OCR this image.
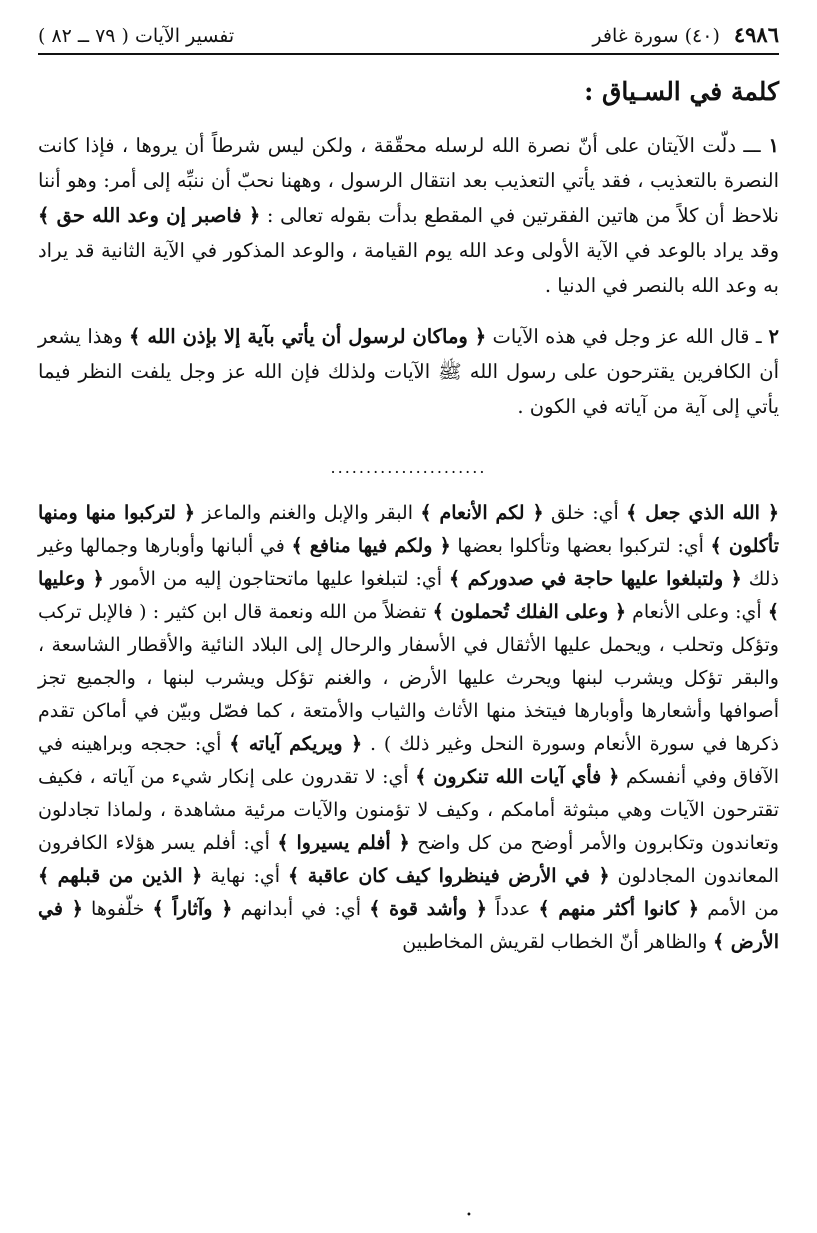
٤٩٨٦
(٤٠) سورة غافر
تفسير الآيات ( ٧٩ ــ ٨٢ )
كلمة في السـياق :

١ ـــ دلّت الآيتان على أنّ نصرة الله لرسله محقّقة ، ولكن ليس شرطاً أن يروها ، فإذا كانت النصرة بالتعذيب ، فقد يأتي التعذيب بعد انتقال الرسول ، وههنا نحبّ أن ننبِّه إلى أمر: وهو أننا نلاحظ أن كلاً من هاتين الفقرتين في المقطع بدأت بقوله تعالى : ﴿ فاصبر إن وعد الله حق ﴾ وقد يراد بالوعد في الآية الأولى وعد الله يوم القيامة ، والوعد المذكور في الآية الثانية قد يراد به وعد الله بالنصر في الدنيا .

٢ ـ قال الله عز وجل في هذه الآيات ﴿ وماكان لرسول أن يأتي بآية إلا بإذن الله ﴾ وهذا يشعر أن الكافرين يقترحون على رسول الله ﷺ الآيات ولذلك فإن الله عز وجل يلفت النظر فيما يأتي إلى آية من آياته في الكون .

......................

﴿ الله الذي جعل ﴾ أي: خلق ﴿ لكم الأنعام ﴾ البقر والإبل والغنم والماعز ﴿ لتركبوا منها ومنها تأكلون ﴾ أي: لتركبوا بعضها وتأكلوا بعضها ﴿ ولكم فيها منافع ﴾ في ألبانها وأوبارها وجمالها وغير ذلك ﴿ ولتبلغوا عليها حاجة في صدوركم ﴾ أي: لتبلغوا عليها ماتحتاجون إليه من الأمور ﴿ وعليها ﴾ أي: وعلى الأنعام ﴿ وعلى الفلك تُحملون ﴾ تفضلاً من الله ونعمة قال ابن كثير : ( فالإبل تركب وتؤكل وتحلب ، ويحمل عليها الأثقال في الأسفار والرحال إلى البلاد النائية والأقطار الشاسعة ، والبقر تؤكل ويشرب لبنها ويحرث عليها الأرض ، والغنم تؤكل ويشرب لبنها ، والجميع تجز أصوافها وأشعارها وأوبارها فيتخذ منها الأثاث والثياب والأمتعة ، كما فصّل وبيّن في أماكن تقدم ذكرها في سورة الأنعام وسورة النحل وغير ذلك ) . ﴿ ويريكم آياته ﴾ أي: حججه وبراهينه في الآفاق وفي أنفسكم ﴿ فأي آيات الله تنكرون ﴾ أي: لا تقدرون على إنكار شيء من آياته ، فكيف تقترحون الآيات وهي مبثوثة أمامكم ، وكيف لا تؤمنون والآيات مرئية مشاهدة ، ولماذا تجادلون وتعاندون وتكابرون والأمر أوضح من كل واضح ﴿ أفلم يسيروا ﴾ أي: أفلم يسر هؤلاء الكافرون المعاندون المجادلون ﴿ في الأرض فينظروا كيف كان عاقبة ﴾ أي: نهاية ﴿ الذين من قبلهم ﴾ من الأمم ﴿ كانوا أكثر منهم ﴾ عدداً ﴿ وأشد قوة ﴾ أي: في أبدانهم ﴿ وآثاراً ﴾ خلّفوها ﴿ في الأرض ﴾ والظاهر أنّ الخطاب لقريش المخاطبين

•
